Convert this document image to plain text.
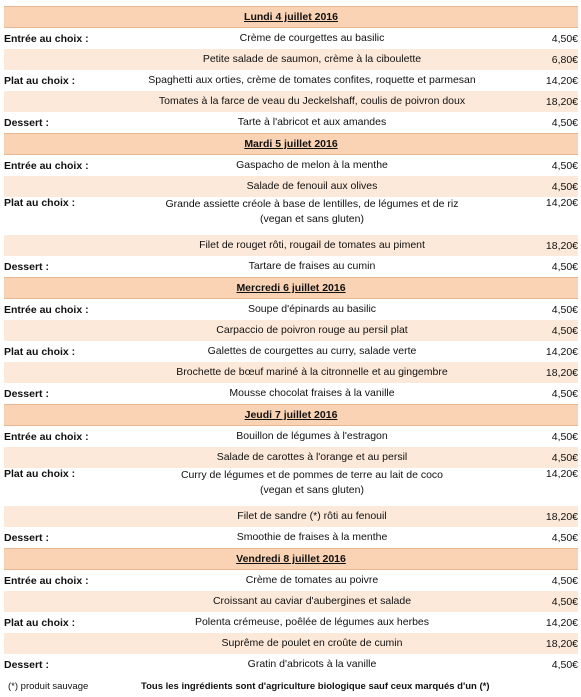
Lundi 4 juillet 2016		
Entrée au choix :	Crème de courgettes au basilic	4,50€

	Petite salade de saumon, crème à la ciboulette	6,80€
Plat au choix :	Spaghetti aux orties, crème de tomates confites, roquette et parmesan	14,20€

	Tomates à la farce de veau du Jeckelshaff, coulis de poivron doux	18,20€
Dessert :	Tarte à l'abricot et aux amandes	4,50€
Mardi 5 juillet 2016		
Entrée au choix :	Gaspacho de melon à la menthe	4,50€

	Salade de fenouil aux olives	4,50€
Plat au choix :	Grande assiette créole à base de lentilles, de légumes et de riz
(vegan et sans gluten)	14,20€

	Filet de rouget rôti, rougail de tomates au piment	18,20€
Dessert :	Tartare de fraises au cumin	4,50€
Mercredi 6 juillet 2016		
Entrée au choix :	Soupe d'épinards au basilic	4,50€

	Carpaccio de poivron rouge au persil plat	4,50€
Plat au choix :	Galettes de courgettes au curry, salade verte	14,20€

	Brochette de bœuf mariné à la citronnelle et au gingembre	18,20€
Dessert :	Mousse chocolat fraises à la vanille	4,50€
Jeudi 7 juillet 2016		
Entrée au choix :	Bouillon de légumes à l'estragon	4,50€

	Salade de carottes à l'orange et au persil	4,50€
Plat au choix :	Curry de légumes et de pommes de terre au lait de coco
(vegan et sans gluten)	14,20€

	Filet de sandre (*) rôti au fenouil	18,20€
Dessert :	Smoothie de fraises à la menthe	4,50€
Vendredi 8 juillet 2016		
Entrée au choix :	Crème de tomates au poivre	4,50€

	Croissant au caviar d'aubergines et salade	4,50€
Plat au choix :	Polenta crémeuse, poêlée de légumes aux herbes	14,20€

	Suprême de poulet en croûte de cumin	18,20€
Dessert :	Gratin d'abricots à la vanille	4,50€
(*) produit sauvage	Tous les ingrédients sont d'agriculture biologique sauf ceux marqués d'un (*)
